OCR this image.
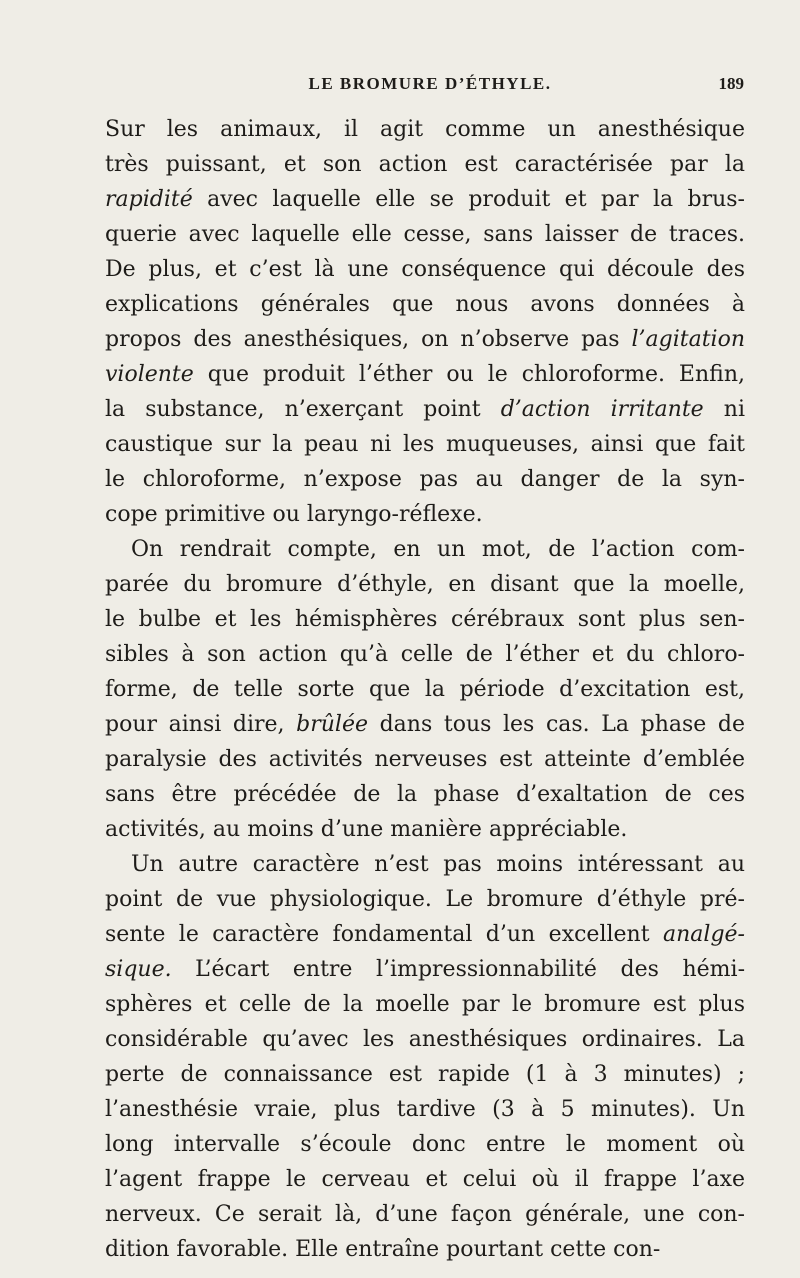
LE BROMURE D’ÉTHYLE.	189
Sur les animaux, il agit comme un anesthésique
très puissant, et son action est caractérisée par la
rapidité avec laquelle elle se produit et par la brus-
querie avec laquelle elle cesse, sans laisser de traces.
De plus, et c’est là une conséquence qui découle des
explications générales que nous avons données à
propos des anesthésiques, on n’observe pas l’agitation
violente que produit l’éther ou le chloroforme. Enfin,
la substance, n’exerçant point d’action irritante ni
caustique sur la peau ni les muqueuses, ainsi que fait
le chloroforme, n’expose pas au danger de la syn-
cope primitive ou laryngo-réflexe.
On rendrait compte, en un mot, de l’action com-
parée du bromure d’éthyle, en disant que la moelle,
le bulbe et les hémisphères cérébraux sont plus sen-
sibles à son action qu’à celle de l’éther et du chloro-
forme, de telle sorte que la période d’excitation est,
pour ainsi dire, brûlée dans tous les cas. La phase de
paralysie des activités nerveuses est atteinte d’emblée
sans être précédée de la phase d’exaltation de ces
activités, au moins d’une manière appréciable.
Un autre caractère n’est pas moins intéressant au
point de vue physiologique. Le bromure d’éthyle pré-
sente le caractère fondamental d’un excellent analgé-
sique. L’écart entre l’impressionnabilité des hémi-
sphères et celle de la moelle par le bromure est plus
considérable qu’avec les anesthésiques ordinaires. La
perte de connaissance est rapide (1 à 3 minutes) ;
l’anesthésie vraie, plus tardive (3 à 5 minutes). Un
long intervalle s’écoule donc entre le moment où
l’agent frappe le cerveau et celui où il frappe l’axe
nerveux. Ce serait là, d’une façon générale, une con-
dition favorable. Elle entraîne pourtant cette con-
